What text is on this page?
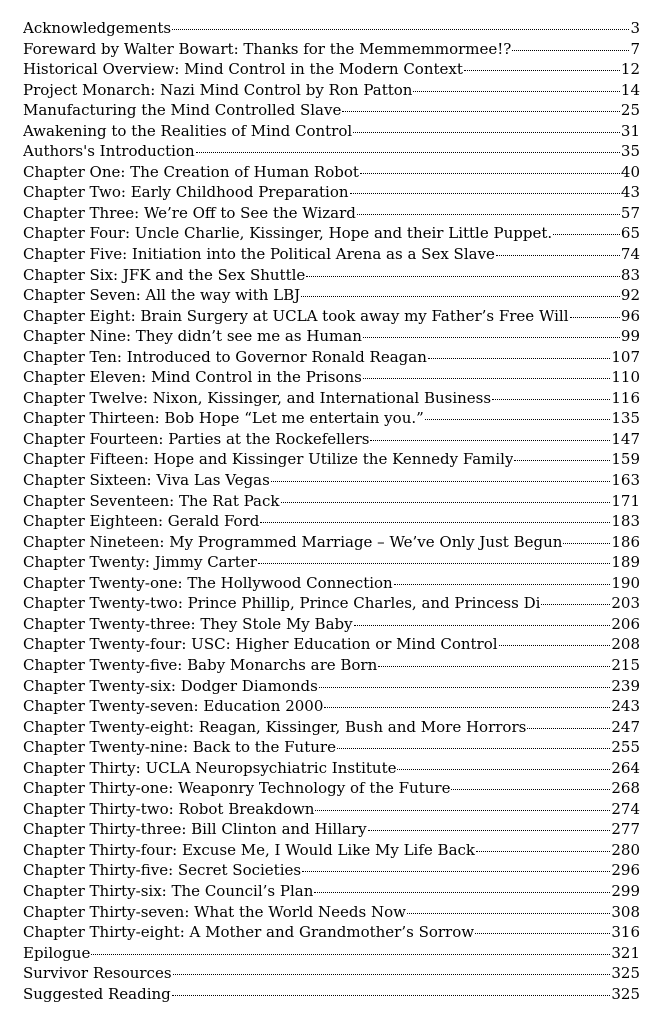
Acknowledgements	3
Foreward by Walter Bowart: Thanks for the Memmemmormee!?	7
Historical Overview: Mind Control in the Modern Context	12
Project Monarch: Nazi Mind Control by Ron Patton	14
Manufacturing the Mind Controlled Slave	25
Awakening to the Realities of Mind Control	31
Authors's Introduction	35
Chapter One: The Creation of Human Robot	40
Chapter Two: Early Childhood Preparation	43
Chapter Three: We’re Off to See the Wizard	57
Chapter Four: Uncle Charlie, Kissinger, Hope and their Little Puppet.	65
Chapter Five: Initiation into the Political Arena as a Sex Slave	74
Chapter Six: JFK and the Sex Shuttle	83
Chapter Seven: All the way with LBJ	92
Chapter Eight: Brain Surgery at UCLA took away my Father’s Free Will	96
Chapter Nine: They didn’t see me as Human	99
Chapter Ten: Introduced to Governor Ronald Reagan	107
Chapter Eleven: Mind Control in the Prisons	110
Chapter Twelve: Nixon, Kissinger, and International Business	116
Chapter Thirteen: Bob Hope “Let me entertain you.”	135
Chapter Fourteen: Parties at the Rockefellers	147
Chapter Fifteen: Hope and Kissinger Utilize the Kennedy Family	159
Chapter Sixteen: Viva Las Vegas	163
Chapter Seventeen: The Rat Pack	171
Chapter Eighteen: Gerald Ford	183
Chapter Nineteen: My Programmed Marriage – We’ve Only Just Begun	186
Chapter Twenty: Jimmy Carter	189
Chapter Twenty-one: The Hollywood Connection	190
Chapter Twenty-two: Prince Phillip, Prince Charles, and Princess Di	203
Chapter Twenty-three: They Stole My Baby	206
Chapter Twenty-four: USC: Higher Education or Mind Control	208
Chapter Twenty-five: Baby Monarchs are Born	215
Chapter Twenty-six: Dodger Diamonds	239
Chapter Twenty-seven: Education 2000	243
Chapter Twenty-eight: Reagan, Kissinger, Bush and More Horrors	247
Chapter Twenty-nine: Back to the Future	255
Chapter Thirty: UCLA Neuropsychiatric Institute	264
Chapter Thirty-one: Weaponry Technology of the Future	268
Chapter Thirty-two: Robot Breakdown	274
Chapter Thirty-three: Bill Clinton and Hillary	277
Chapter Thirty-four: Excuse Me, I Would Like My Life Back	280
Chapter Thirty-five: Secret Societies	296
Chapter Thirty-six: The Council’s Plan	299
Chapter Thirty-seven: What the World Needs Now	308
Chapter Thirty-eight: A Mother and Grandmother’s Sorrow	316
Epilogue	321
Survivor Resources	325
Suggested Reading	325
